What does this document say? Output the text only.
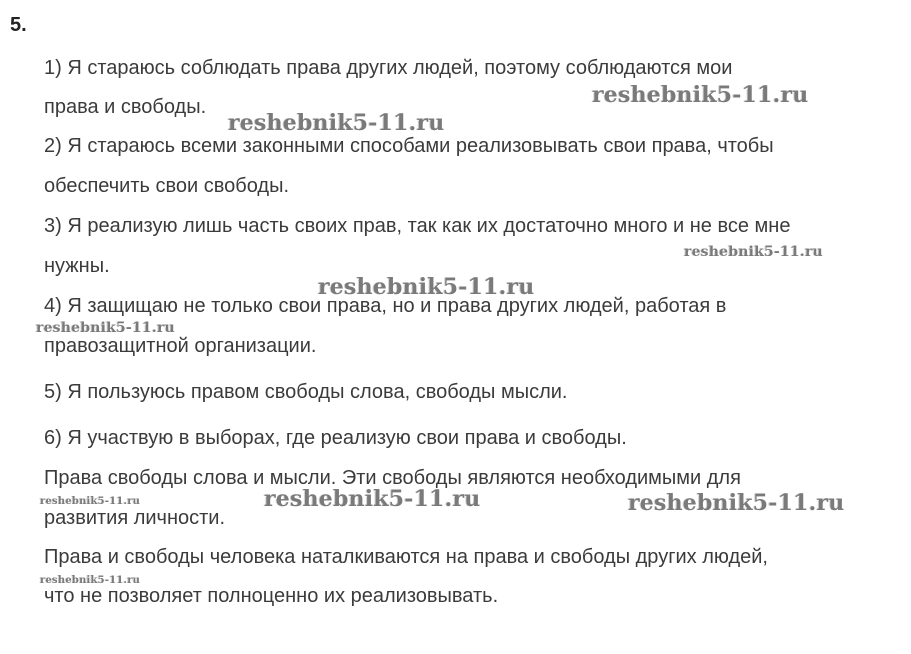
5.

1) Я стараюсь соблюдать права других людей, поэтому соблюдаются мои

права и свободы.

2) Я стараюсь всеми законными способами реализовывать свои права, чтобы

обеспечить свои свободы.

3) Я реализую лишь часть своих прав, так как их достаточно много и не все мне

нужны.

4) Я защищаю не только свои права, но и права других людей, работая в

правозащитной организации.

5) Я пользуюсь правом свободы слова, свободы мысли.

6) Я участвую в выборах, где реализую свои права и свободы.

Права свободы слова и мысли. Эти свободы являются необходимыми для

развития личности.

Права и свободы человека наталкиваются на права и свободы других людей,

что не позволяет полноценно их реализовывать.

reshebnik5-11.ru
reshebnik5-11.ru
reshebnik5-11.ru
reshebnik5-11.ru
reshebnik5-11.ru
reshebnik5-11.ru	reshebnik5-11.ru	reshebnik5-11.ru
reshebnik5-11.ru
